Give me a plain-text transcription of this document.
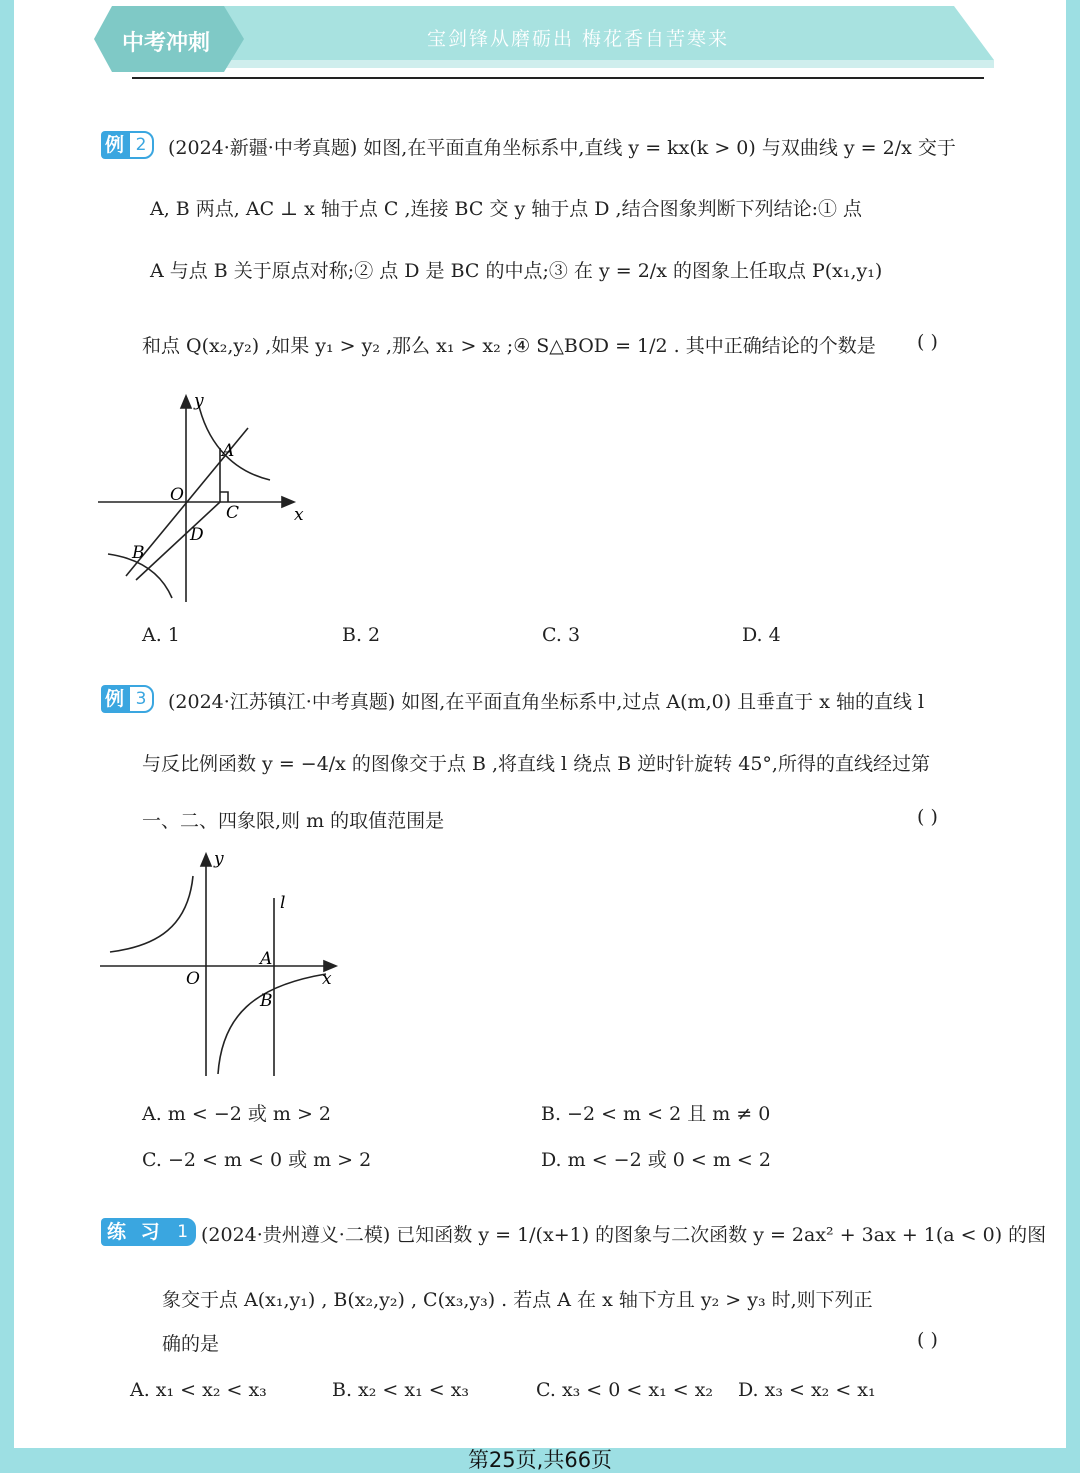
中考冲刺	宝剑锋从磨砺出 梅花香自苦寒来
例 2	(2024·新疆·中考真题) 如图,在平面直角坐标系中,直线 y = kx(k > 0) 与双曲线 y = 2/x 交于
A, B 两点, AC ⊥ x 轴于点 C ,连接 BC 交 y 轴于点 D ,结合图象判断下列结论:① 点
A 与点 B 关于原点对称;② 点 D 是 BC 的中点;③ 在 y = 2/x 的图象上任取点 P(x₁,y₁)
和点 Q(x₂,y₂) ,如果 y₁ > y₂ ,那么 x₁ > x₂ ;④ S△BOD = 1/2 . 其中正确结论的个数是 ( )
y
x
O
A
B
C
D
A. 1	B. 2	C. 3	D. 4
例 3	(2024·江苏镇江·中考真题) 如图,在平面直角坐标系中,过点 A(m,0) 且垂直于 x 轴的直线 l
与反比例函数 y = −4/x 的图像交于点 B ,将直线 l 绕点 B 逆时针旋转 45°,所得的直线经过第
一、二、四象限,则 m 的取值范围是	( )
y
x
O
A
B
l
A. m < −2 或 m > 2	B. −2 < m < 2 且 m ≠ 0
C. −2 < m < 0 或 m > 2	D. m < −2 或 0 < m < 2
练 习 1 (2024·贵州遵义·二模) 已知函数 y = 1/(x+1) 的图象与二次函数 y = 2ax² + 3ax + 1(a < 0) 的图
象交于点 A(x₁,y₁) , B(x₂,y₂) , C(x₃,y₃) . 若点 A 在 x 轴下方且 y₂ > y₃ 时,则下列正
确的是	( )
A. x₁ < x₂ < x₃	B. x₂ < x₁ < x₃	C. x₃ < 0 < x₁ < x₂ D. x₃ < x₂ < x₁
第25页,共66页
